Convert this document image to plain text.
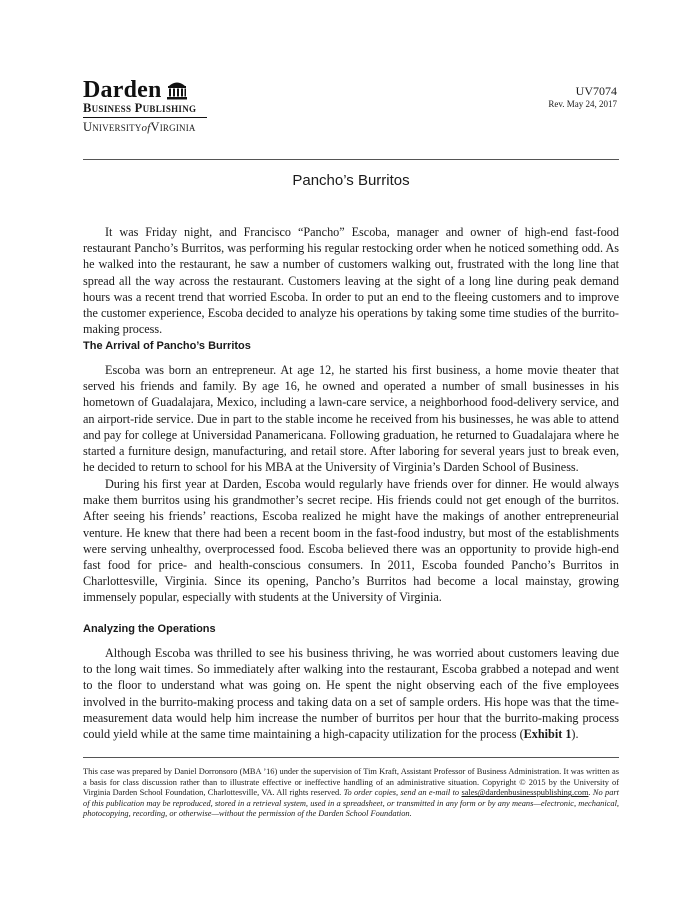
Darden
Business Publishing
UniversityofVirginia
UV7074
Rev. May 24, 2017
Pancho’s Burritos

It was Friday night, and Francisco “Pancho” Escoba, manager and owner of high-end fast-food restaurant Pancho’s Burritos, was performing his regular restocking order when he noticed something odd. As he walked into the restaurant, he saw a number of customers walking out, frustrated with the long line that spread all the way across the restaurant. Customers leaving at the sight of a long line during peak demand hours was a recent trend that worried Escoba. In order to put an end to the fleeing customers and to improve the customer experience, Escoba decided to analyze his operations by taking some time studies of the burrito-making process.

The Arrival of Pancho’s Burritos

Escoba was born an entrepreneur. At age 12, he started his first business, a home movie theater that served his friends and family. By age 16, he owned and operated a number of small businesses in his hometown of Guadalajara, Mexico, including a lawn-care service, a neighborhood food-delivery service, and an airport-ride service. Due in part to the stable income he received from his businesses, he was able to attend and pay for college at Universidad Panamericana. Following graduation, he returned to Guadalajara where he started a furniture design, manufacturing, and retail store. After laboring for several years just to break even, he decided to return to school for his MBA at the University of Virginia’s Darden School of Business.

During his first year at Darden, Escoba would regularly have friends over for dinner. He would always make them burritos using his grandmother’s secret recipe. His friends could not get enough of the burritos. After seeing his friends’ reactions, Escoba realized he might have the makings of another entrepreneurial venture. He knew that there had been a recent boom in the fast-food industry, but most of the establishments were serving unhealthy, overprocessed food. Escoba believed there was an opportunity to provide high-end fast food for price- and health-conscious consumers. In 2011, Escoba founded Pancho’s Burritos in Charlottesville, Virginia. Since its opening, Pancho’s Burritos had become a local mainstay, growing immensely popular, especially with students at the University of Virginia.

Analyzing the Operations

Although Escoba was thrilled to see his business thriving, he was worried about customers leaving due to the long wait times. So immediately after walking into the restaurant, Escoba grabbed a notepad and went to the floor to understand what was going on. He spent the night observing each of the five employees involved in the burrito-making process and taking data on a set of sample orders. His hope was that the time-measurement data would help him increase the number of burritos per hour that the burrito-making process could yield while at the same time maintaining a high-capacity utilization for the process (Exhibit 1).

This case was prepared by Daniel Dorronsoro (MBA ’16) under the supervision of Tim Kraft, Assistant Professor of Business Administration. It was written as a basis for class discussion rather than to illustrate effective or ineffective handling of an administrative situation. Copyright © 2015 by the University of Virginia Darden School Foundation, Charlottesville, VA. All rights reserved. To order copies, send an e-mail to sales@dardenbusinesspublishing.com. No part of this publication may be reproduced, stored in a retrieval system, used in a spreadsheet, or transmitted in any form or by any means—electronic, mechanical, photocopying, recording, or otherwise—without the permission of the Darden School Foundation.
